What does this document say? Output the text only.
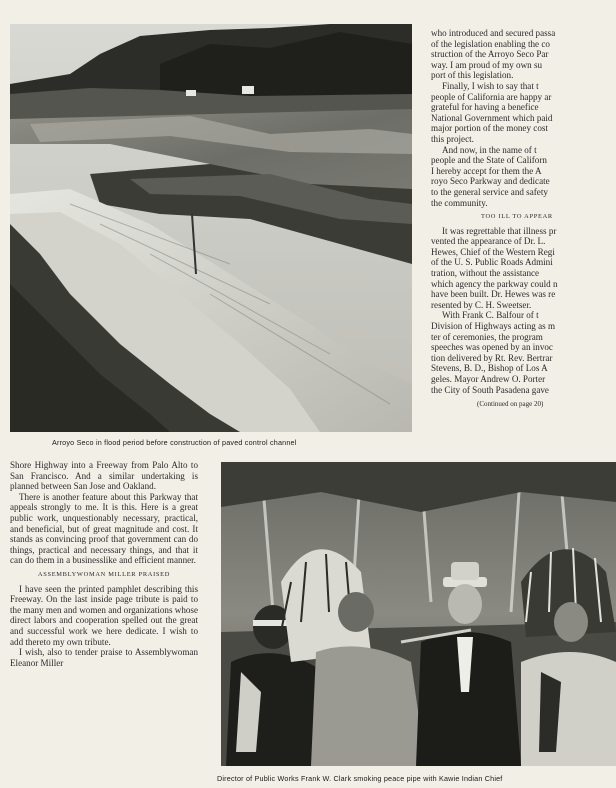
Arroyo Seco in flood period before construction of paved control channel

who introduced and secured passa

of the legislation enabling the co

struction of the Arroyo Seco Par

way. I am proud of my own su

port of this legislation.

Finally, I wish to say that t

people of California are happy ar

grateful for having a benefice

National Government which paid

major portion of the money cost

this project.

And now, in the name of t

people and the State of Californ

I hereby accept for them the A

royo Seco Parkway and dedicate

to the general service and safety

the community.

TOO ILL TO APPEAR

It was regrettable that illness pr

vented the appearance of Dr. L.

Hewes, Chief of the Western Regi

of the U. S. Public Roads Admini

tration, without the assistance

which agency the parkway could n

have been built. Dr. Hewes was re

resented by C. H. Sweetser.

With Frank C. Balfour of t

Division of Highways acting as m

ter of ceremonies, the program

speeches was opened by an invoc

tion delivered by Rt. Rev. Bertrar

Stevens, B. D., Bishop of Los A

geles. Mayor Andrew O. Porter

the City of South Pasadena gave

(Continued on page 20)

Shore Highway into a Freeway from Palo Alto to San Francisco. And a similar undertaking is planned between San Jose and Oakland.

There is another feature about this Parkway that appeals strongly to me. It is this. Here is a great public work, unquestionably necessary, practical, and beneficial, but of great magnitude and cost. It stands as convincing proof that government can do things, practical and necessary things, and that it can do them in a businesslike and efficient manner.

ASSEMBLYWOMAN MILLER PRAISED

I have seen the printed pamphlet describing this Freeway. On the last inside page tribute is paid to the many men and women and organizations whose direct labors and cooperation spelled out the great and successful work we here dedicate. I wish to add thereto my own tribute.

I wish, also to tender praise to Assemblywoman Eleanor Miller

Director of Public Works Frank W. Clark smoking peace pipe with Kawie Indian Chief
